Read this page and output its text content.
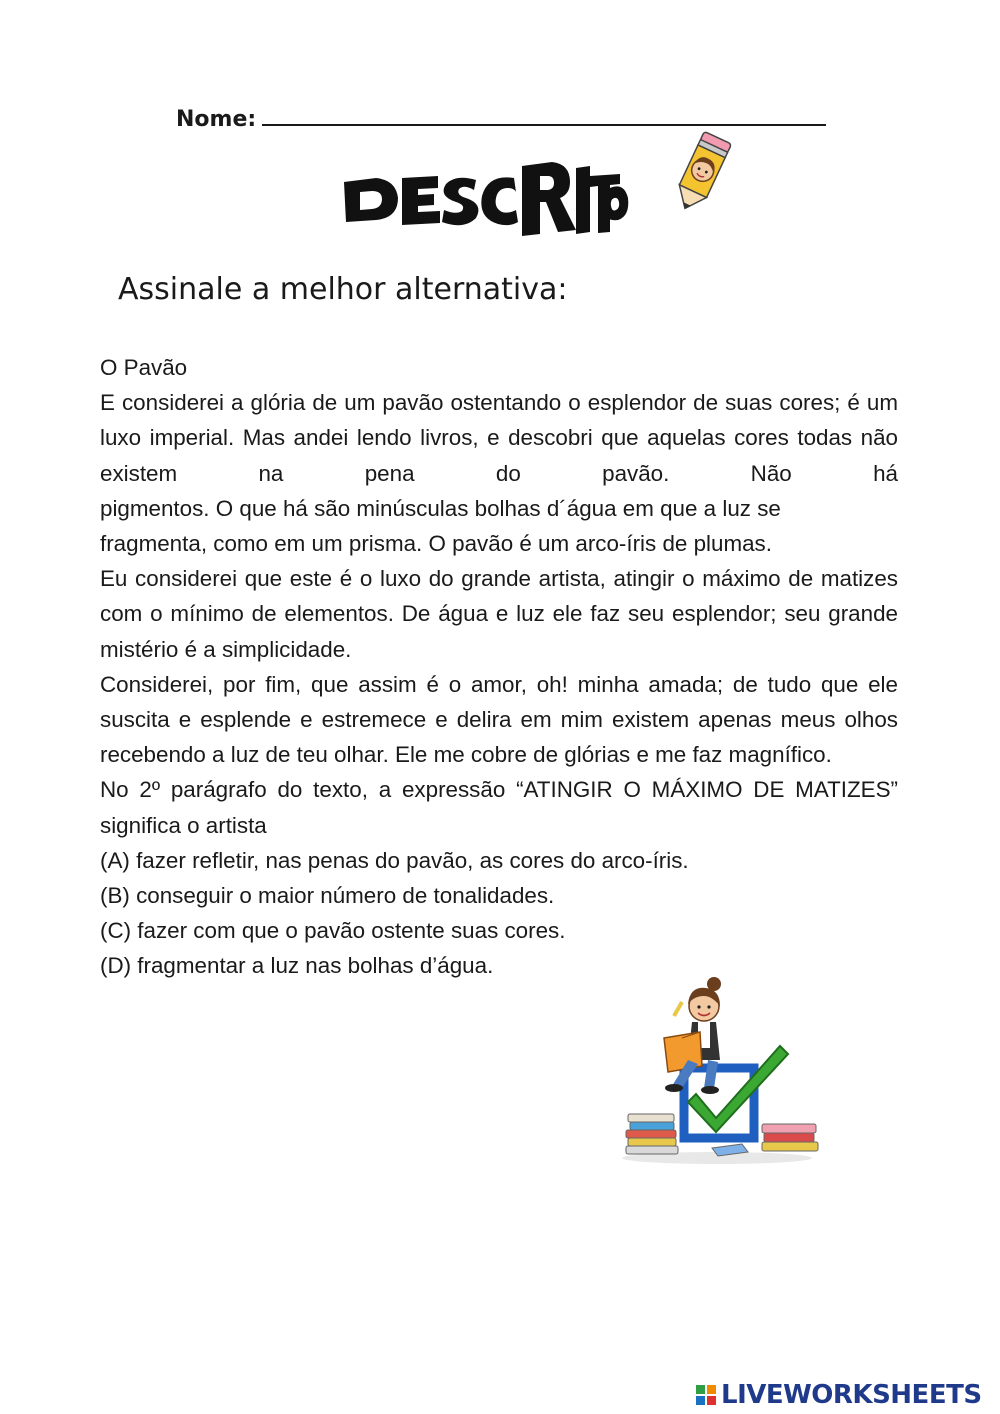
Nome:
Assinale a melhor alternativa:

O Pavão

E considerei a glória de um pavão ostentando o esplendor de suas cores; é um luxo imperial. Mas andei lendo livros, e descobri que aquelas cores todas não existem na pena do pavão. Não há

pigmentos. O que há são minúsculas bolhas d´água em que a luz se

fragmenta, como em um prisma. O pavão é um arco-íris de plumas.

Eu considerei que este é o luxo do grande artista, atingir o máximo de matizes com o mínimo de elementos. De água e luz ele faz seu esplendor; seu grande mistério é a simplicidade.

Considerei, por fim, que assim é o amor, oh! minha amada; de tudo que ele suscita e esplende e estremece e delira em mim existem apenas meus olhos recebendo a luz de teu olhar. Ele me cobre de glórias e me faz magnífico.

No 2º parágrafo do texto, a expressão “ATINGIR O MÁXIMO DE MATIZES” significa o artista

(A) fazer refletir, nas penas do pavão, as cores do arco-íris.
(B) conseguir o maior número de tonalidades.
(C) fazer com que o pavão ostente suas cores.
(D) fragmentar a luz nas bolhas d’água.
LIVEWORKSHEETS
